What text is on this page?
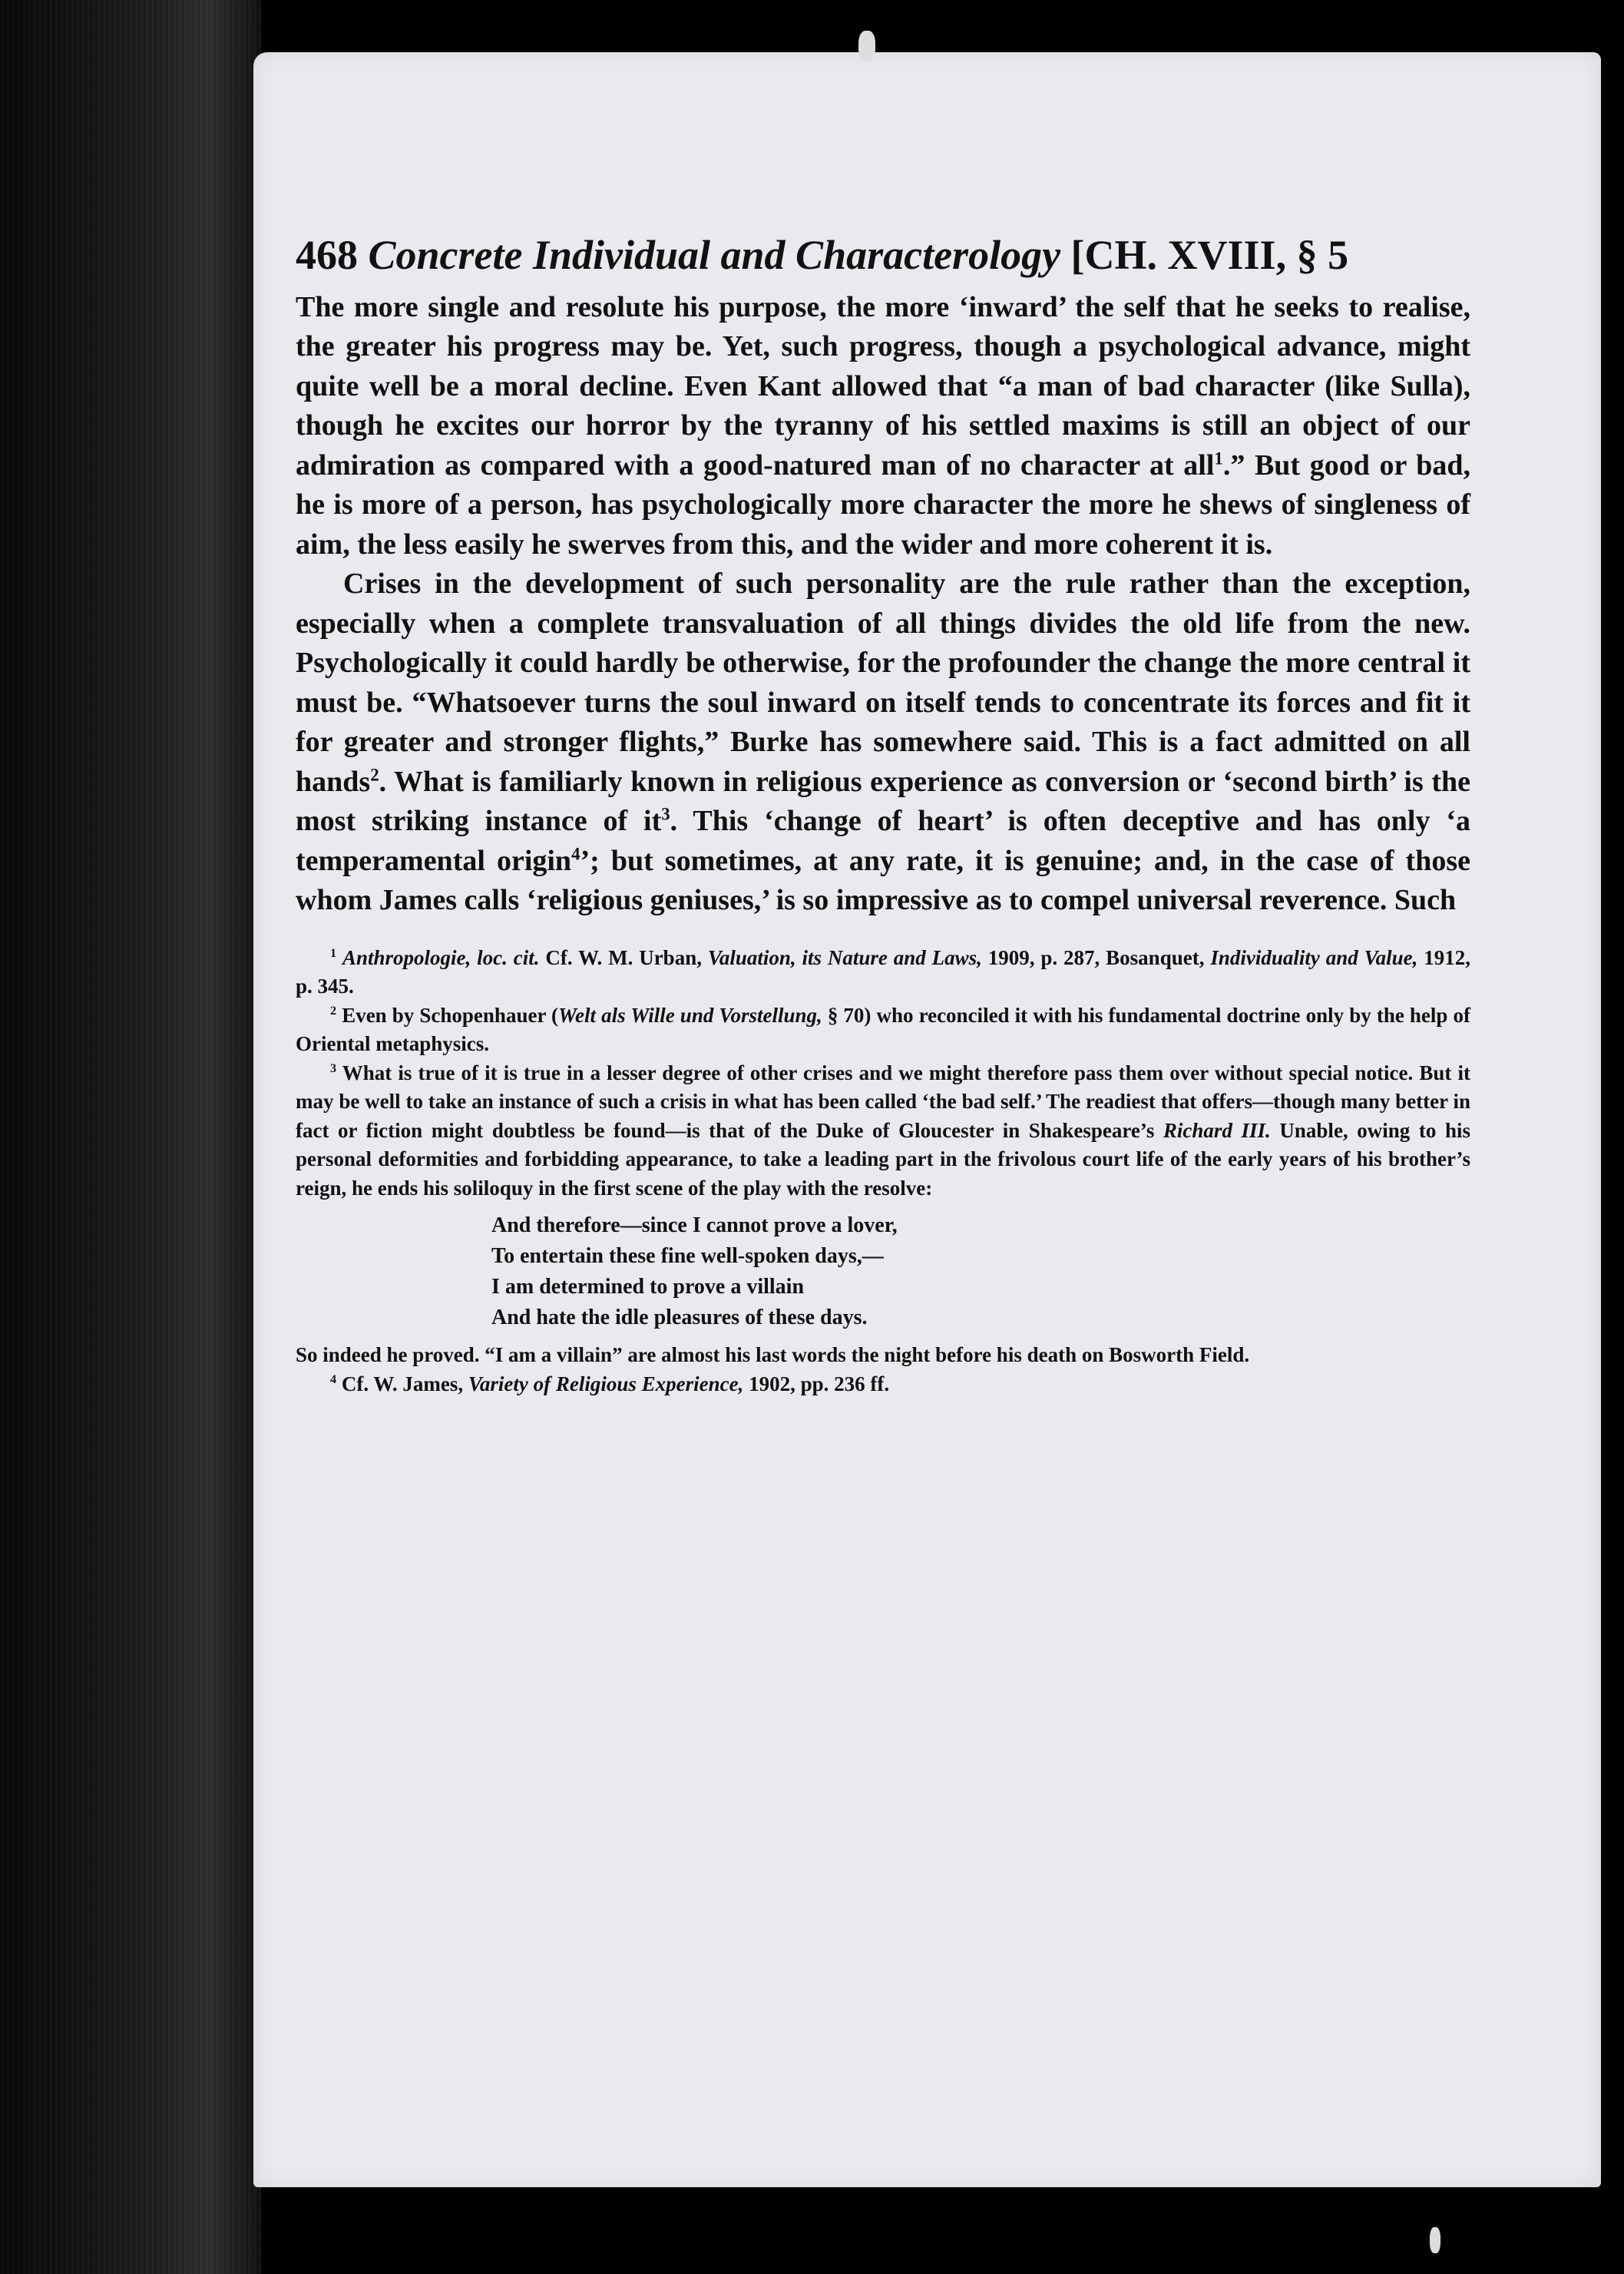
468 Concrete Individual and Characterology [CH. XVIII, § 5

The more single and resolute his purpose, the more ‘inward’ the self that he seeks to realise, the greater his progress may be. Yet, such progress, though a psychological advance, might quite well be a moral decline. Even Kant allowed that “a man of bad character (like Sulla), though he excites our horror by the tyranny of his settled maxims is still an object of our admiration as compared with a good-natured man of no character at all$^1$.” But good or bad, he is more of a person, has psychologically more character the more he shews of singleness of aim, the less easily he swerves from this, and the wider and more coherent it is.

Crises in the development of such personality are the rule rather than the exception, especially when a complete transvaluation of all things divides the old life from the new. Psychologically it could hardly be otherwise, for the profounder the change the more central it must be. “Whatsoever turns the soul inward on itself tends to concentrate its forces and fit it for greater and stronger flights,” Burke has somewhere said. This is a fact admitted on all hands$^2$. What is familiarly known in religious experience as conversion or ‘second birth’ is the most striking instance of $it^3$. This ‘change of heart’ is often deceptive and has only ‘a temperamental origin$^4$’; but sometimes, at any rate, it is genuine; and, in the case of those whom James calls ‘religious geniuses,’ is so impressive as to compel universal reverence. Such

$^1$ Anthropologie, loc. cit. Cf. W. M. Urban, Valuation, its Nature and Laws, 1909, p. 287, Bosanquet, Individuality and Value, 1912, p. 345.

$^2$ Even by Schopenhauer (Welt als Wille und Vorstellung, § 70) who reconciled it with his fundamental doctrine only by the help of Oriental metaphysics.

$^3$ What is true of it is true in a lesser degree of other crises and we might therefore pass them over without special notice. But it may be well to take an instance of such a crisis in what has been called ‘the bad self.’ The readiest that offers—though many better in fact or fiction might doubtless be found—is that of the Duke of Gloucester in Shakespeare’s Richard III. Unable, owing to his personal deformities and forbidding appearance, to take a leading part in the frivolous court life of the early years of his brother’s reign, he ends his soliloquy in the first scene of the play with the resolve:

And therefore—since I cannot prove a lover,
To entertain these fine well-spoken days,—
I am determined to prove a villain
And hate the idle pleasures of these days.

So indeed he proved. “I am a villain” are almost his last words the night before his death on Bosworth Field.

$^4$ Cf. W. James, Variety of Religious Experience, 1902, pp. 236 ff.
